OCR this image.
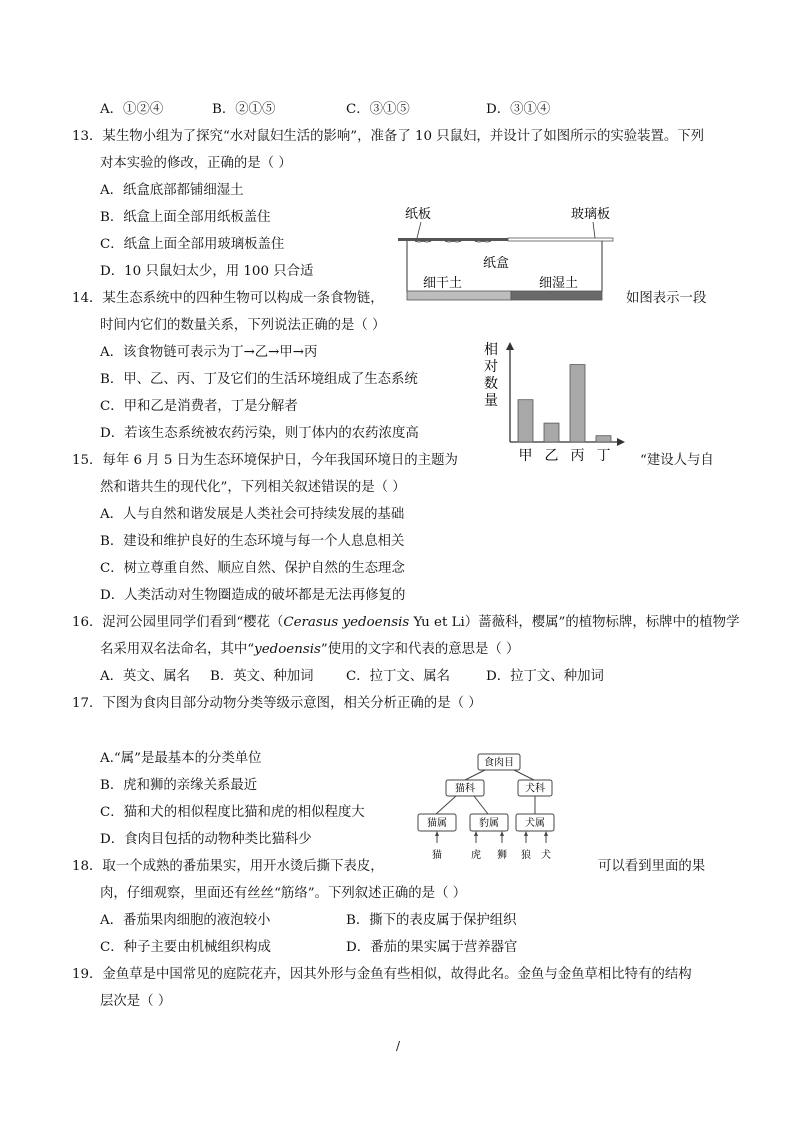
A．①②④	B．②①⑤	C．③①⑤	D．③①④
13．某生物小组为了探究“水对鼠妇生活的影响”，准备了 10 只鼠妇，并设计了如图所示的实验装置。下列
对本实验的修改，正确的是（ ）
A．纸盒底部都铺细湿土
B．纸盒上面全部用纸板盖住
C．纸盒上面全部用玻璃板盖住
D．10 只鼠妇太少，用 100 只合适
纸板	玻璃板
纸盒
细干土	细湿土
14．某生态系统中的四种生物可以构成一条食物链，	如图表示一段
时间内它们的数量关系，下列说法正确的是（ ）
A．该食物链可表示为丁→乙→甲→丙
B．甲、乙、丙、丁及它们的生活环境组成了生态系统
C．甲和乙是消费者，丁是分解者
D．若该生态系统被农药污染，则丁体内的农药浓度高
相对数量
甲 乙 丙 丁
15．每年 6 月 5 日为生态环境保护日，今年我国环境日的主题为	“建设人与自
然和谐共生的现代化”，下列相关叙述错误的是（ ）
A．人与自然和谐发展是人类社会可持续发展的基础
B．建设和维护良好的生态环境与每一个人息息相关
C．树立尊重自然、顺应自然、保护自然的生态理念
D．人类活动对生物圈造成的破坏都是无法再修复的
16．浞河公园里同学们看到“樱花（Cerasus yedoensis Yu et Li）蔷薇科，樱属”的植物标牌，标牌中的植物学
名采用双名法命名，其中“yedoensis”使用的文字和代表的意思是（ ）
A．英文、属名 B．英文、种加词 C．拉丁文、属名	D．拉丁文、种加词
17．下图为食肉目部分动物分类等级示意图，相关分析正确的是（ ）
A.“属”是最基本的分类单位
B．虎和狮的亲缘关系最近
C．猫和犬的相似程度比猫和虎的相似程度大
D．食肉目包括的动物种类比猫科少
食肉目
猫科	犬科
猫属	豹属	犬属
猫	虎 狮 狼 犬
18．取一个成熟的番茄果实，用开水烫后撕下表皮，	可以看到里面的果
肉，仔细观察，里面还有丝丝“筋络”。下列叙述正确的是（ ）
A．番茄果肉细胞的液泡较小	B．撕下的表皮属于保护组织
C．种子主要由机械组织构成	D．番茄的果实属于营养器官
19．金鱼草是中国常见的庭院花卉，因其外形与金鱼有些相似，故得此名。金鱼与金鱼草相比特有的结构
层次是（ ）
/
